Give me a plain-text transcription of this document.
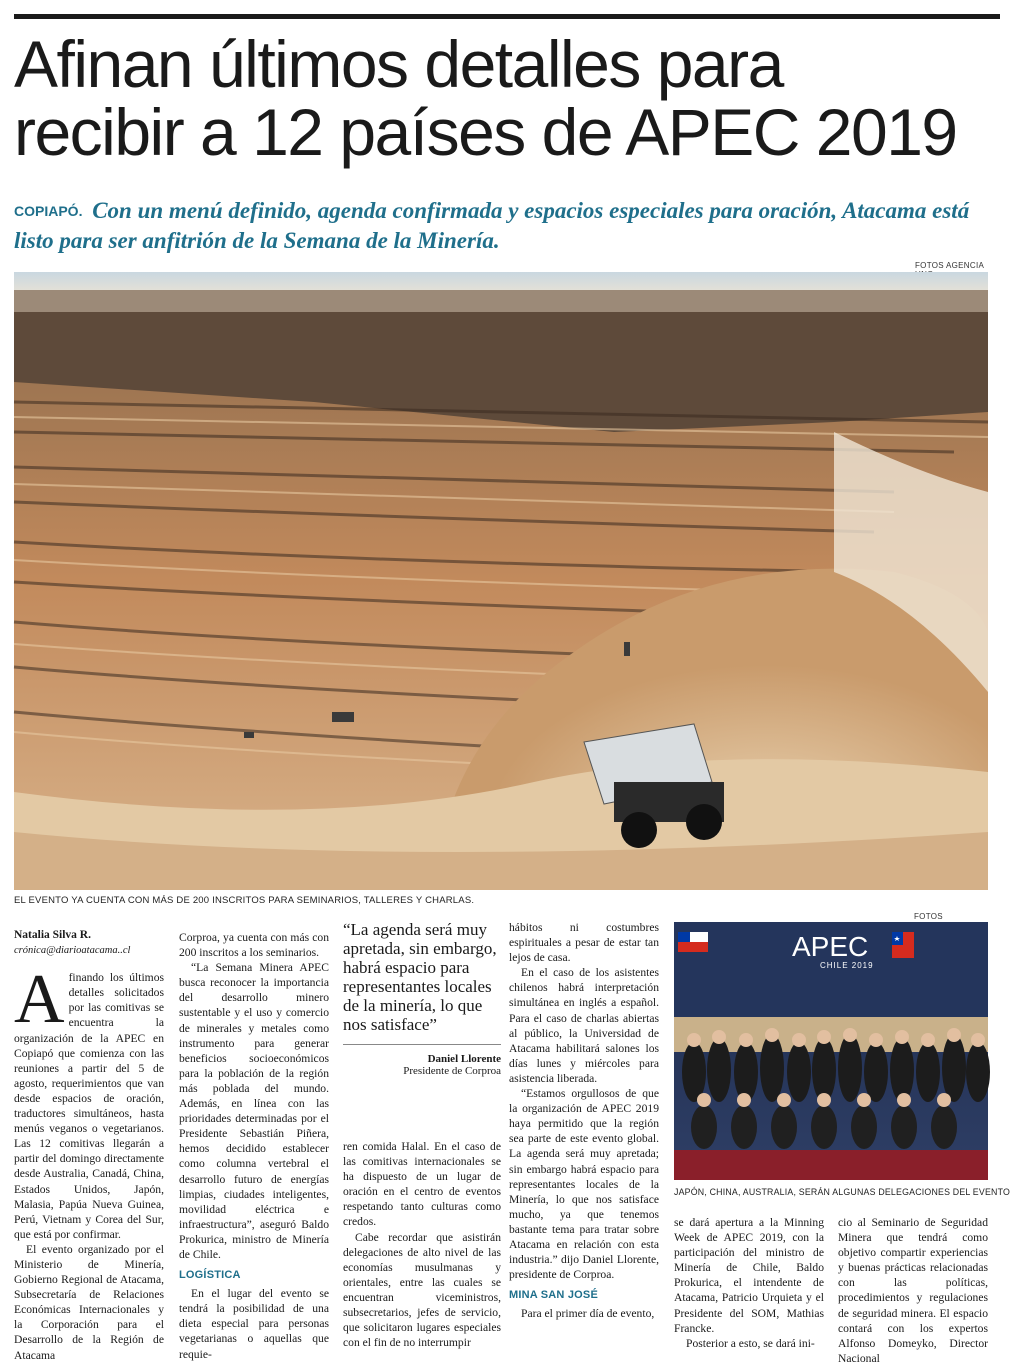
Afinan últimos detalles para
recibir a 12 países de APEC 2019
COPIAPÓ. Con un menú definido, agenda confirmada y espacios especiales para oración, Atacama está listo para ser anfitrión de la Semana de la Minería.
FOTOS AGENCIA
EL EVENTO YA CUENTA CON MÁS DE 200 INSCRITOS PARA SEMINARIOS, TALLERES Y CHARLAS.
Natalia Silva R.
crónica@diarioatacama..cl

Afinando los últimos detalles solicitados por las comitivas se encuentra la organización de la APEC en Copiapó que comienza con las reuniones a partir del 5 de agosto, requerimientos que van desde espacios de oración, traductores simultáneos, hasta menús veganos o vegetarianos. Las 12 comitivas llegarán a partir del domingo directamente desde Australia, Canadá, China, Estados Unidos, Japón, Malasia, Papúa Nueva Guinea, Perú, Vietnam y Corea del Sur, que está por confirmar.

El evento organizado por el Ministerio de Minería, Gobierno Regional de Atacama, Subsecretaría de Relaciones Económicas Internacionales y la Corporación para el Desarrollo de la Región de Atacama

Corproa, ya cuenta con más con 200 inscritos a los seminarios.

“La Semana Minera APEC busca reconocer la importancia del desarrollo minero sustentable y el uso y comercio de minerales y metales como instrumento para generar beneficios socioeconómicos para la población de la región más poblada del mundo. Además, en línea con las prioridades determinadas por el Presidente Sebastián Piñera, hemos decidido establecer como columna vertebral el desarrollo futuro de energías limpias, ciudades inteligentes, movilidad eléctrica e infraestructura”, aseguró Baldo Prokurica, ministro de Minería de Chile.

LOGÍSTICA

En el lugar del evento se tendrá la posibilidad de una dieta especial para personas vegetarianas o aquellas que requie-

“La agenda será muy apretada, sin embargo, habrá espacio para representantes locales de la minería, lo que nos satisface”
Daniel Llorente
Presidente de Corproa

ren comida Halal. En el caso de las comitivas internacionales se ha dispuesto de un lugar de oración en el centro de eventos respetando tanto culturas como credos.

Cabe recordar que asistirán delegaciones de alto nivel de las economías musulmanas y orientales, entre las cuales se encuentran viceministros, subsecretarios, jefes de servicio, que solicitaron lugares especiales con el fin de no interrumpir

hábitos ni costumbres espirituales a pesar de estar tan lejos de casa.

En el caso de los asistentes chilenos habrá interpretación simultánea en inglés a español. Para el caso de charlas abiertas al público, la Universidad de Atacama habilitará salones los días lunes y miércoles para asistencia liberada.

“Estamos orgullosos de que la organización de APEC 2019 haya permitido que la región sea parte de este evento global. La agenda será muy apretada; sin embargo habrá espacio para representantes locales de la Minería, lo que nos satisface mucho, ya que tenemos bastante tema para tratar sobre Atacama en relación con esta industria.” dijo Daniel Llorente, presidente de Corproa.

MINA SAN JOSÉ

Para el primer día de evento,

FOTOS
APEC
CHILE 2019
JAPÓN, CHINA, AUSTRALIA, SERÁN ALGUNAS DELEGACIONES DEL EVENTO

se dará apertura a la Minning Week de APEC 2019, con la participación del ministro de Minería de Chile, Baldo Prokurica, el intendente de Atacama, Patricio Urquieta y el Presidente del SOM, Mathias Francke.

Posterior a esto, se dará ini-

cio al Seminario de Seguridad Minera que tendrá como objetivo compartir experiencias y buenas prácticas relacionadas con las políticas, procedimientos y regulaciones de seguridad minera. El espacio contará con los expertos Alfonso Domeyko, Director Nacional
